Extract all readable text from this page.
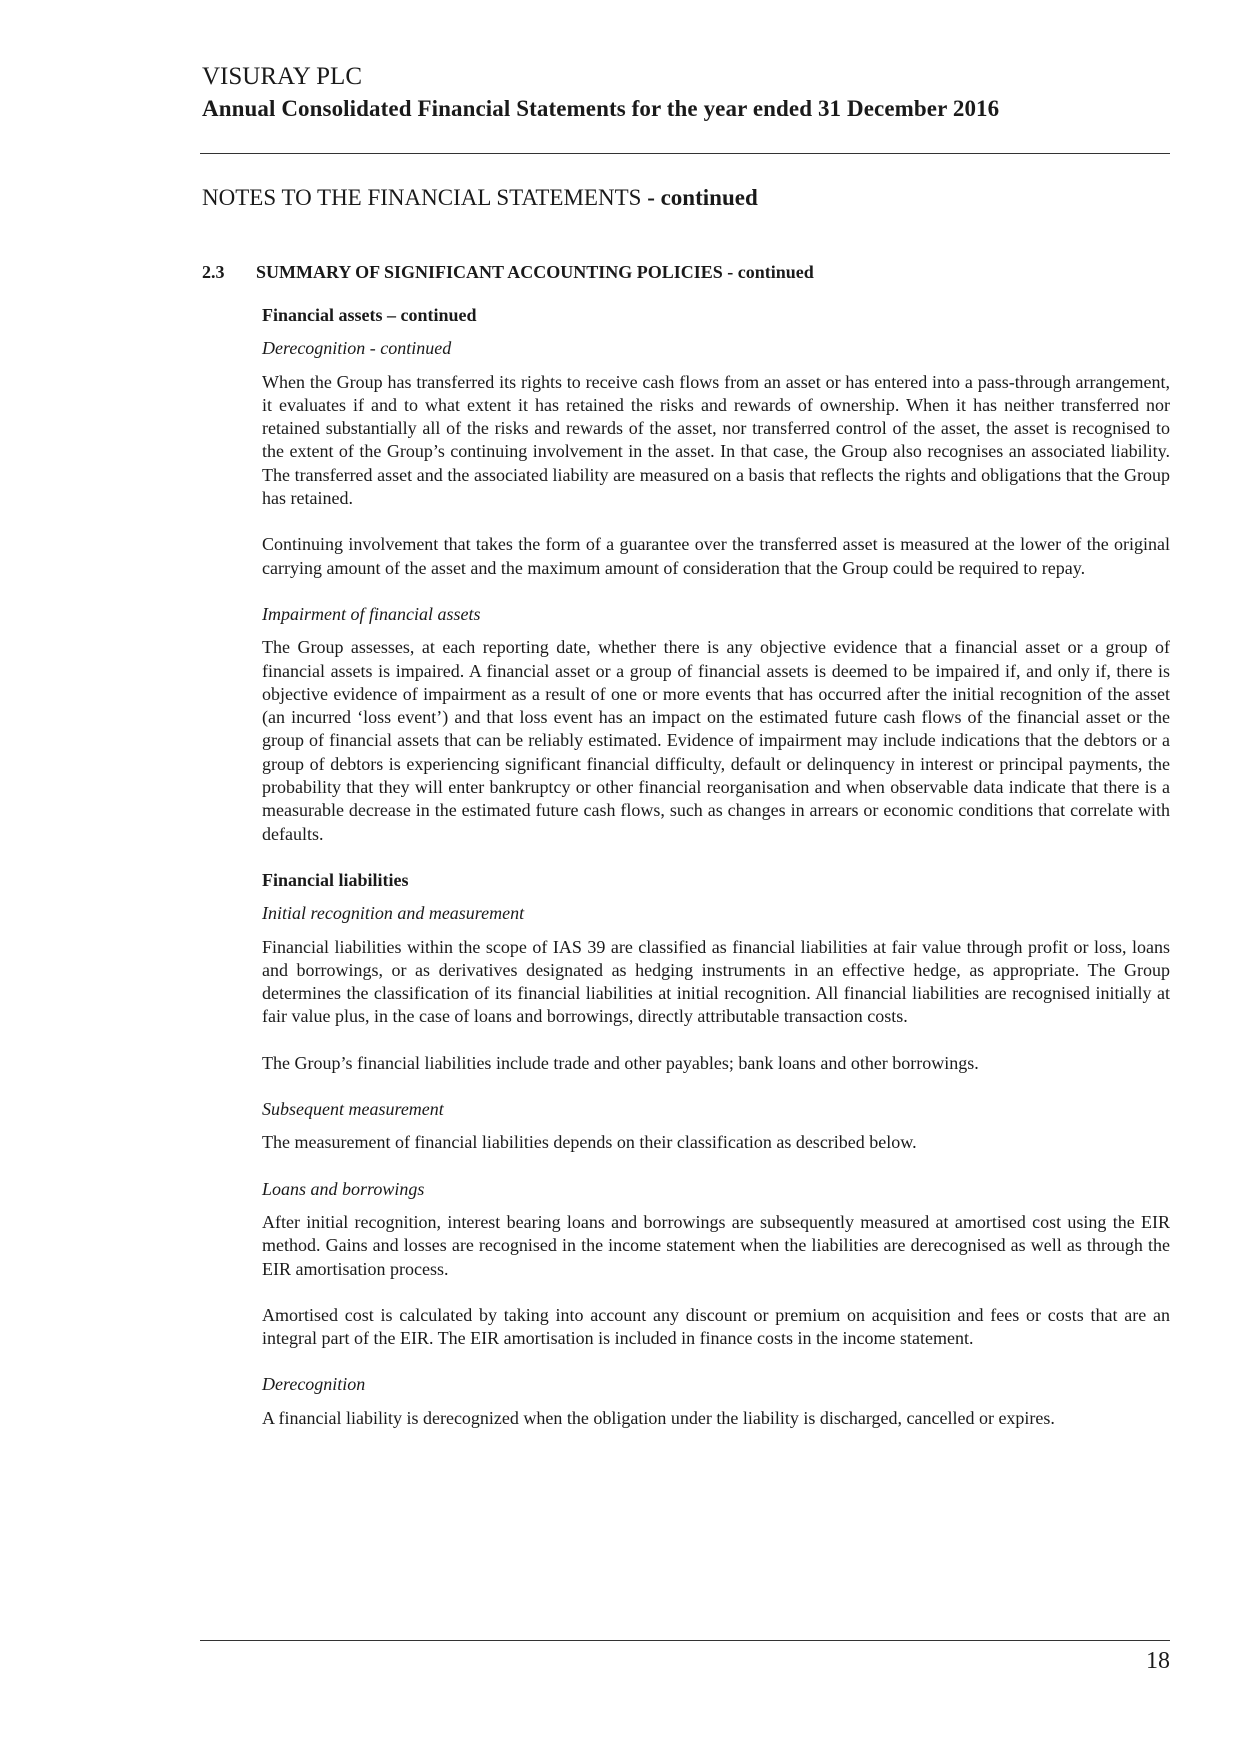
VISURAY PLC
Annual Consolidated Financial Statements for the year ended 31 December 2016
NOTES TO THE FINANCIAL STATEMENTS - continued
2.3 SUMMARY OF SIGNIFICANT ACCOUNTING POLICIES - continued
Financial assets – continued
Derecognition - continued

When the Group has transferred its rights to receive cash flows from an asset or has entered into a pass-through arrangement, it evaluates if and to what extent it has retained the risks and rewards of ownership. When it has neither transferred nor retained substantially all of the risks and rewards of the asset, nor transferred control of the asset, the asset is recognised to the extent of the Group’s continuing involvement in the asset. In that case, the Group also recognises an associated liability. The transferred asset and the associated liability are measured on a basis that reflects the rights and obligations that the Group has retained.

Continuing involvement that takes the form of a guarantee over the transferred asset is measured at the lower of the original carrying amount of the asset and the maximum amount of consideration that the Group could be required to repay.

Impairment of financial assets

The Group assesses, at each reporting date, whether there is any objective evidence that a financial asset or a group of financial assets is impaired. A financial asset or a group of financial assets is deemed to be impaired if, and only if, there is objective evidence of impairment as a result of one or more events that has occurred after the initial recognition of the asset (an incurred ‘loss event’) and that loss event has an impact on the estimated future cash flows of the financial asset or the group of financial assets that can be reliably estimated. Evidence of impairment may include indications that the debtors or a group of debtors is experiencing significant financial difficulty, default or delinquency in interest or principal payments, the probability that they will enter bankruptcy or other financial reorganisation and when observable data indicate that there is a measurable decrease in the estimated future cash flows, such as changes in arrears or economic conditions that correlate with defaults.

Financial liabilities
Initial recognition and measurement

Financial liabilities within the scope of IAS 39 are classified as financial liabilities at fair value through profit or loss, loans and borrowings, or as derivatives designated as hedging instruments in an effective hedge, as appropriate. The Group determines the classification of its financial liabilities at initial recognition. All financial liabilities are recognised initially at fair value plus, in the case of loans and borrowings, directly attributable transaction costs.

The Group’s financial liabilities include trade and other payables; bank loans and other borrowings.

Subsequent measurement

The measurement of financial liabilities depends on their classification as described below.

Loans and borrowings

After initial recognition, interest bearing loans and borrowings are subsequently measured at amortised cost using the EIR method. Gains and losses are recognised in the income statement when the liabilities are derecognised as well as through the EIR amortisation process.

Amortised cost is calculated by taking into account any discount or premium on acquisition and fees or costs that are an integral part of the EIR. The EIR amortisation is included in finance costs in the income statement.

Derecognition

A financial liability is derecognized when the obligation under the liability is discharged, cancelled or expires.

18
